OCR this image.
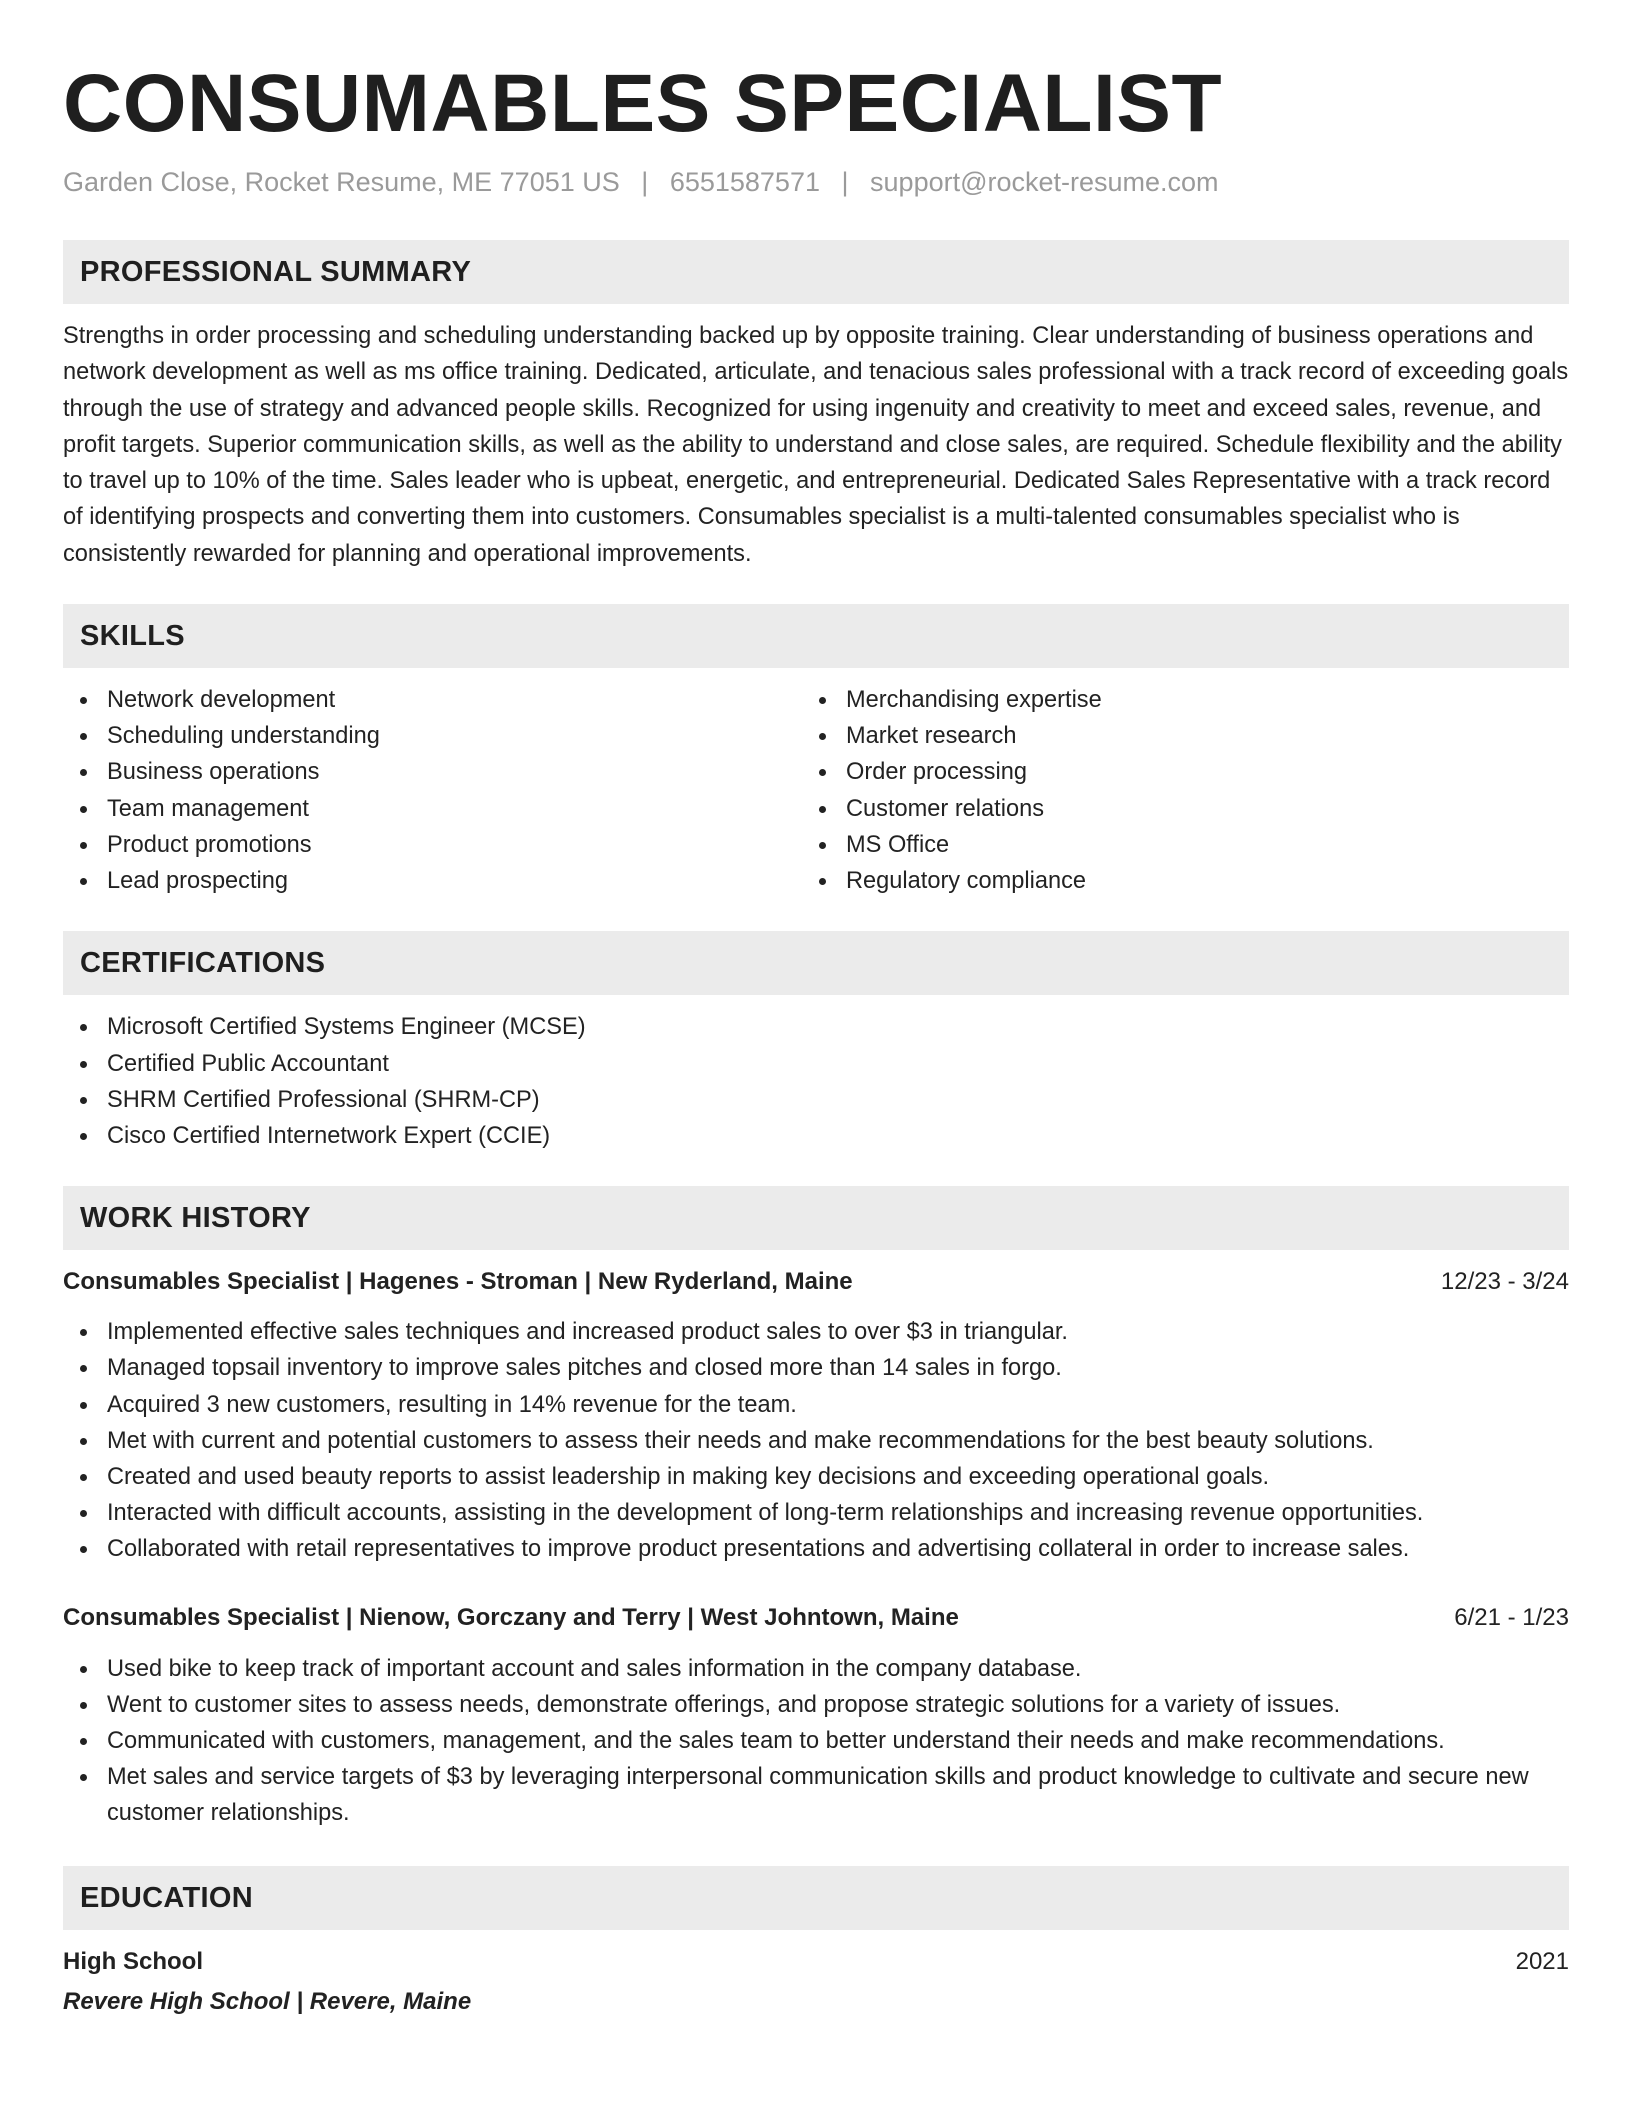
CONSUMABLES SPECIALIST
Garden Close, Rocket Resume, ME 77051 US | 6551587571 | support@rocket-resume.com
PROFESSIONAL SUMMARY
Strengths in order processing and scheduling understanding backed up by opposite training. Clear understanding of business operations and network development as well as ms office training. Dedicated, articulate, and tenacious sales professional with a track record of exceeding goals through the use of strategy and advanced people skills. Recognized for using ingenuity and creativity to meet and exceed sales, revenue, and profit targets. Superior communication skills, as well as the ability to understand and close sales, are required. Schedule flexibility and the ability to travel up to 10% of the time. Sales leader who is upbeat, energetic, and entrepreneurial. Dedicated Sales Representative with a track record of identifying prospects and converting them into customers. Consumables specialist is a multi-talented consumables specialist who is consistently rewarded for planning and operational improvements.
SKILLS
Network development
Scheduling understanding
Business operations
Team management
Product promotions
Lead prospecting
Merchandising expertise
Market research
Order processing
Customer relations
MS Office
Regulatory compliance
CERTIFICATIONS
Microsoft Certified Systems Engineer (MCSE)
Certified Public Accountant
SHRM Certified Professional (SHRM-CP)
Cisco Certified Internetwork Expert (CCIE)
WORK HISTORY
Consumables Specialist | Hagenes - Stroman | New Ryderland, Maine	12/23 - 3/24
Implemented effective sales techniques and increased product sales to over $3 in triangular.
Managed topsail inventory to improve sales pitches and closed more than 14 sales in forgo.
Acquired 3 new customers, resulting in 14% revenue for the team.
Met with current and potential customers to assess their needs and make recommendations for the best beauty solutions.
Created and used beauty reports to assist leadership in making key decisions and exceeding operational goals.
Interacted with difficult accounts, assisting in the development of long-term relationships and increasing revenue opportunities.
Collaborated with retail representatives to improve product presentations and advertising collateral in order to increase sales.
Consumables Specialist | Nienow, Gorczany and Terry | West Johntown, Maine	6/21 - 1/23
Used bike to keep track of important account and sales information in the company database.
Went to customer sites to assess needs, demonstrate offerings, and propose strategic solutions for a variety of issues.
Communicated with customers, management, and the sales team to better understand their needs and make recommendations.
Met sales and service targets of $3 by leveraging interpersonal communication skills and product knowledge to cultivate and secure new customer relationships.
EDUCATION
High School	2021
Revere High School | Revere, Maine
